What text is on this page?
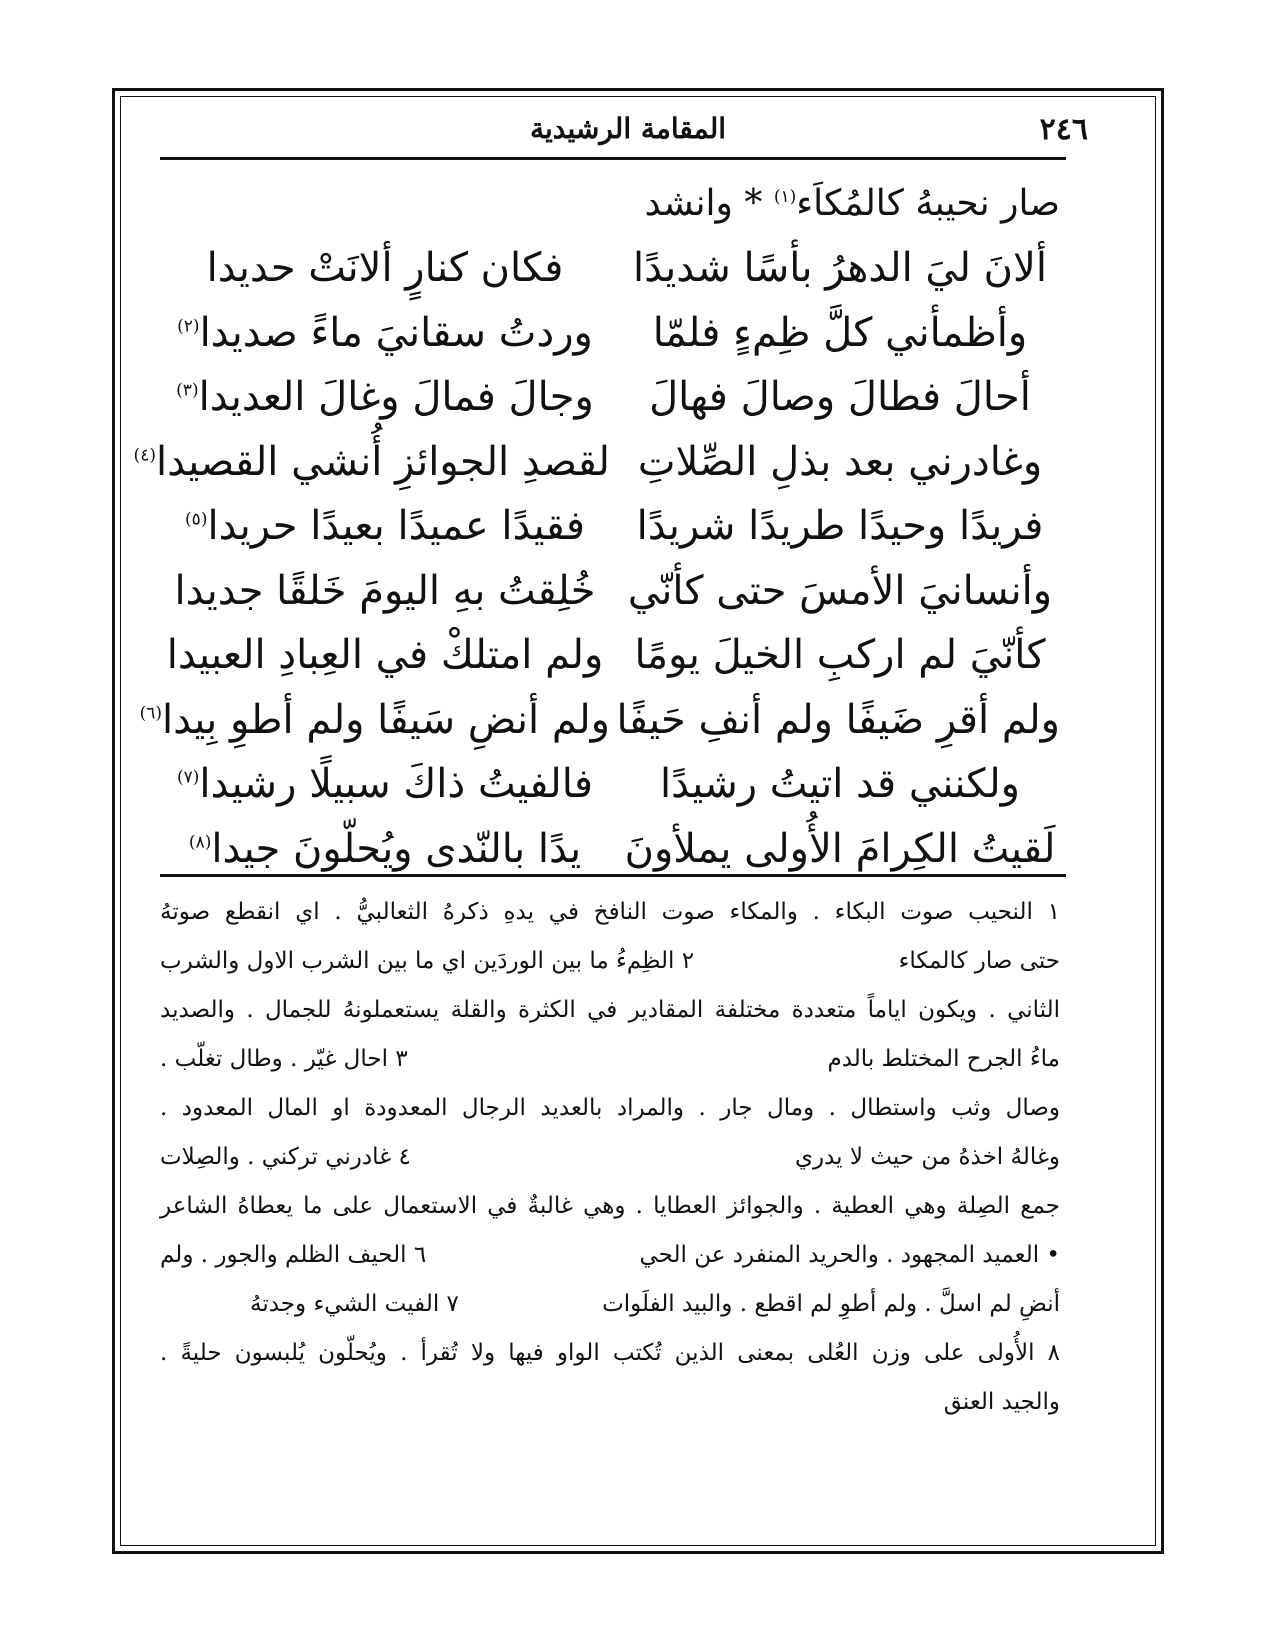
٢٤٦
المقامة الرشيدية
صار نحيبهُ كالمُكاَء$^{(١)}$ * وانشد
ألانَ ليَ الدهرُ بأسًا شديدًا
فكان كنارٍ ألانَتْ حديدا
وأظمأني كلَّ ظِمءٍ فلمّا
وردتُ سقانيَ ماءً صديدا$^{(٢)}$
أحالَ فطالَ وصالَ فهالَ
وجالَ فمالَ وغالَ العديدا$^{(٣)}$
وغادرني بعد بذلِ الصِّلاتِ
لقصدِ الجوائزِ أُنشي القصيدا$^{(٤)}$
فريدًا وحيدًا طريدًا شريدًا
فقيدًا عميدًا بعيدًا حريدا$^{(٥)}$
وأنسانيَ الأمسَ حتى كأنّي
خُلِقتُ بهِ اليومَ خَلقًا جديدا
كأنّيَ لم اركبِ الخيلَ يومًا
ولم امتلكْ في العِبادِ العبيدا
ولم أقرِ ضَيفًا ولم أنفِ حَيفًا
ولم أنضِ سَيفًا ولم أطوِ بِيدا$^{(٦)}$
ولكنني قد اتيتُ رشيدًا
فالفيتُ ذاكَ سبيلًا رشيدا$^{(٧)}$
لَقيتُ الكِرامَ الأُولى يملأونَ
يدًا بالنّدى ويُحلّونَ جيدا$^{(٨)}$
١ النحيب صوت البكاء . والمكاء صوت النافخ في يدهِ ذكرهُ الثعالبيُّ . اي انقطع صوتهُ
حتى صار كالمكاء
٢ الظِمءُ ما بين الوردَين اي ما بين الشرب الاول والشرب
الثاني . ويكون اياماً متعددة مختلفة المقادير في الكثرة والقلة يستعملونهُ للجمال . والصديد
ماءُ الجرح المختلط بالدم
٣ احال غيّر . وطال تغلّب .
وصال وثب واستطال . ومال جار . والمراد بالعديد الرجال المعدودة او المال المعدود .
وغالهُ اخذهُ من حيث لا يدري
٤ غادرني تركني . والصِلات
جمع الصِلة وهي العطية . والجوائز العطايا . وهي غالبةٌ في الاستعمال على ما يعطاهُ الشاعر
• العميد المجهود . والحريد المنفرد عن الحي
٦ الحيف الظلم والجور . ولم
أنضِ لم اسلَّ . ولم أطوِ لم اقطع . والبيد الفلَوات
٧ الفيت الشيء وجدتهُ
٨ الأُولى على وزن العُلى بمعنى الذين تُكتب الواو فيها ولا تُقرأ . ويُحلّون يُلبسون حليةً .
والجيد العنق
